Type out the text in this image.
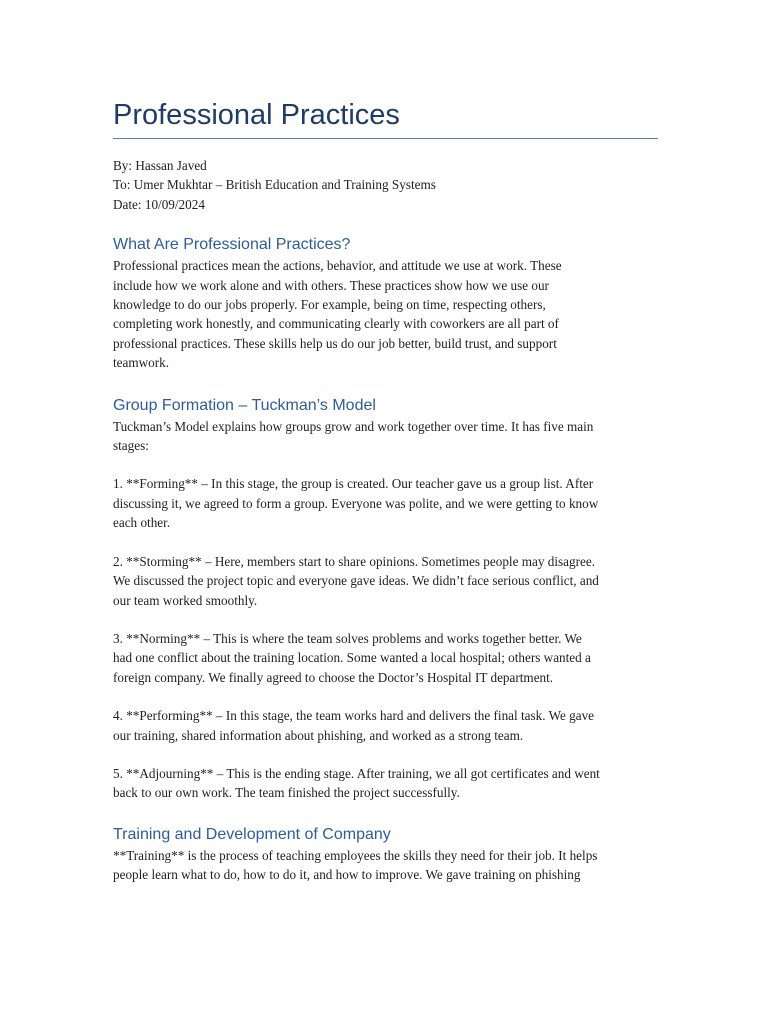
Professional Practices
By: Hassan Javed
To: Umer Mukhtar – British Education and Training Systems
Date: 10/09/2024
What Are Professional Practices?

Professional practices mean the actions, behavior, and attitude we use at work. These
include how we work alone and with others. These practices show how we use our
knowledge to do our jobs properly. For example, being on time, respecting others,
completing work honestly, and communicating clearly with coworkers are all part of
professional practices. These skills help us do our job better, build trust, and support
teamwork.

Group Formation – Tuckman’s Model

Tuckman’s Model explains how groups grow and work together over time. It has five main
stages:

1. **Forming** – In this stage, the group is created. Our teacher gave us a group list. After
discussing it, we agreed to form a group. Everyone was polite, and we were getting to know
each other.

2. **Storming** – Here, members start to share opinions. Sometimes people may disagree.
We discussed the project topic and everyone gave ideas. We didn’t face serious conflict, and
our team worked smoothly.

3. **Norming** – This is where the team solves problems and works together better. We
had one conflict about the training location. Some wanted a local hospital; others wanted a
foreign company. We finally agreed to choose the Doctor’s Hospital IT department.

4. **Performing** – In this stage, the team works hard and delivers the final task. We gave
our training, shared information about phishing, and worked as a strong team.

5. **Adjourning** – This is the ending stage. After training, we all got certificates and went
back to our own work. The team finished the project successfully.

Training and Development of Company

**Training** is the process of teaching employees the skills they need for their job. It helps
people learn what to do, how to do it, and how to improve. We gave training on phishing
